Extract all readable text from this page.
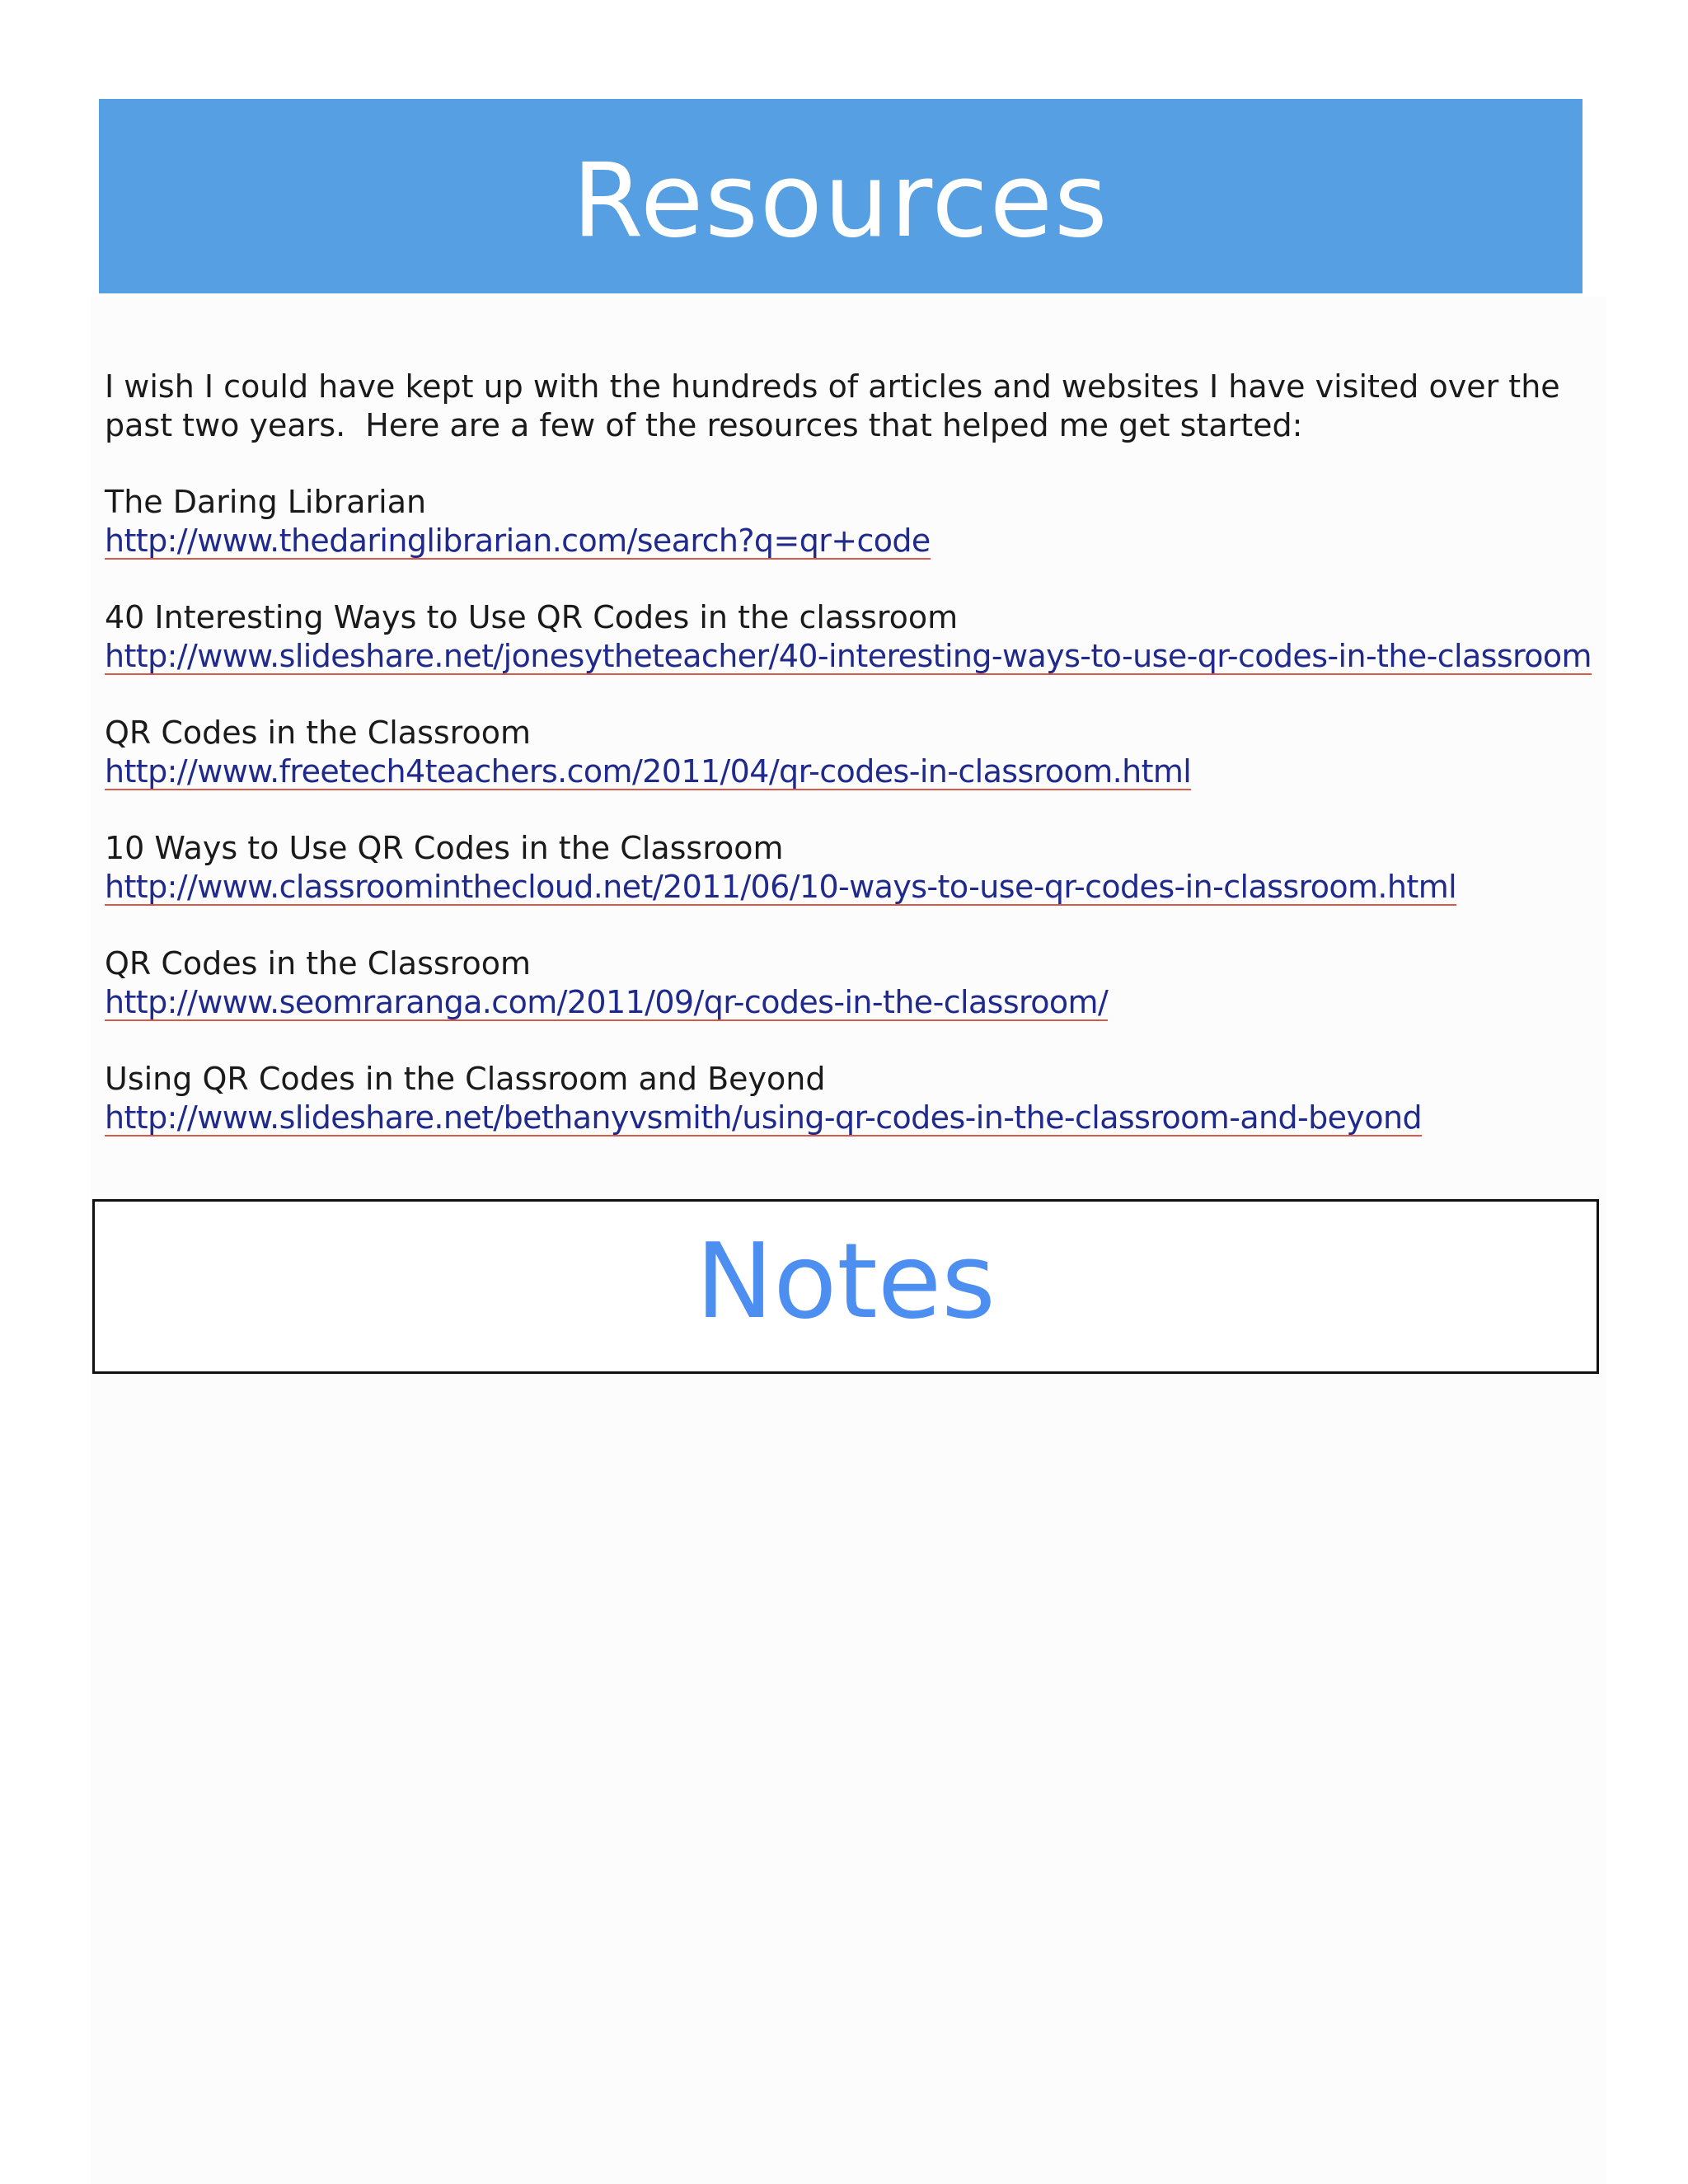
Resources

I wish I could have kept up with the hundreds of articles and websites I have visited over the past two years.  Here are a few of the resources that helped me get started:

The Daring Librarian
http://www.thedaringlibrarian.com/search?q=qr+code
40 Interesting Ways to Use QR Codes in the classroom
http://www.slideshare.net/jonesytheteacher/40-interesting-ways-to-use-qr-codes-in-the-classroom
QR Codes in the Classroom
http://www.freetech4teachers.com/2011/04/qr-codes-in-classroom.html
10 Ways to Use QR Codes in the Classroom
http://www.classroominthecloud.net/2011/06/10-ways-to-use-qr-codes-in-classroom.html
QR Codes in the Classroom
http://www.seomraranga.com/2011/09/qr-codes-in-the-classroom/
Using QR Codes in the Classroom and Beyond
http://www.slideshare.net/bethanyvsmith/using-qr-codes-in-the-classroom-and-beyond
Notes
